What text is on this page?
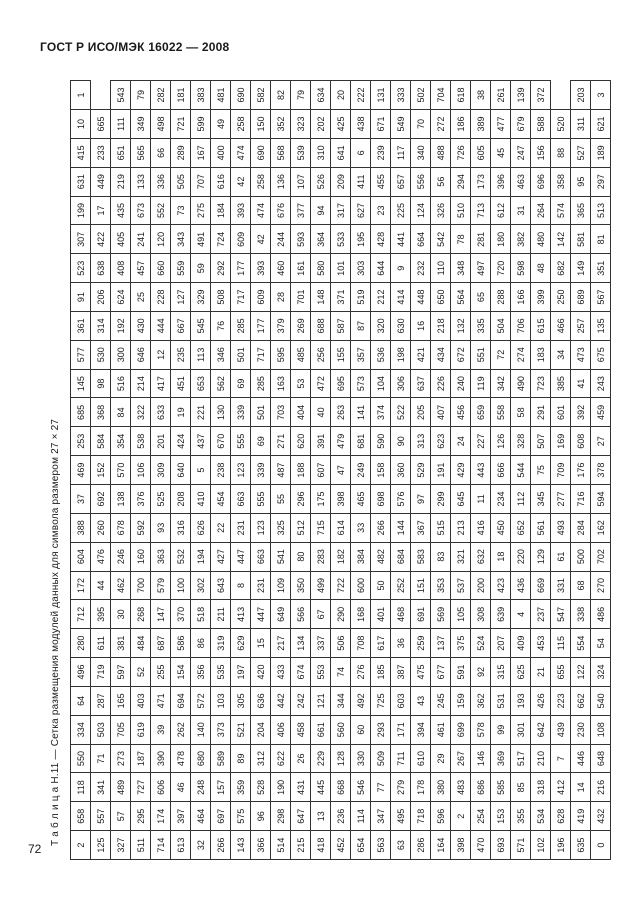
ГОСТ Р ИСО/МЭК 16022 — 2008
Т а б л и ц а Н.11 — Сетка размещения модулей данных для символа размером 27 × 27 2	658	118	550	334	64	496	280	712	172	604	388	37	469	253	685	145	577	361	91	523	307	199	631	415	10	1
125	557	341	71	503	287	719	611	395	44	476	260	692	152	584	368	98	530	314	206	638	422	17	449	233	665	
327	57	489	273	705	165	597	381	30	462	246	678	138	570	354	84	516	300	192	624	408	405	435	219	651	111	543
511	295	727	187	619	403	52	484	268	700	160	592	376	106	538	322	214	646	430	25	457	241	673	133	565	349	79
714	174	606	390	39	471	255	687	147	579	363	93	525	309	201	633	417	12	444	228	660	120	552	336	66	498	282
613	397	46	478	262	694	154	586	370	100	532	316	208	640	424	19	451	235	667	127	559	343	73	505	289	721	181
32	464	248	680	140	572	356	86	518	302	194	626	410	5	437	221	653	113	545	329	59	491	275	707	167	599	383
266	697	157	589	373	103	535	319	211	643	427	22	454	238	670	130	562	346	76	508	292	724	184	616	400	49	481
143	575	359	89	521	305	197	629	413	8	447	231	663	123	555	339	69	501	285	717	177	609	393	42	474	258	690
366	96	528	312	204	636	420	15	447	231	663	123	555	339	69	501	285	717	177	609	393	42	474	258	690	150	582
514	298	190	622	406	442	433	217	649	109	541	325	55	487	271	703	163	595	379	28	460	244	676	136	568	352	82
215	647	431	26	458	242	674	134	566	350	80	512	296	188	620	404	53	485	269	701	161	593	377	107	539	323	79
418	13	445	229	661	121	553	337	67	499	283	715	175	607	391	40	472	256	688	148	580	364	94	526	310	202	634
452	236	668	128	560	344	74	506	290	722	182	614	398	47	479	263	695	155	587	371	101	533	317	209	641	425	20
654	114	546	330	60	492	276	708	168	600	384	33	465	249	681	141	573	357	87	519	303	195	627	411	6	438	222
563	347	77	509	293	725	185	617	401	50	482	266	698	158	590	374	104	536	320	212	644	428	23	455	239	671	131
63	495	279	711	171	603	387	36	468	252	684	144	576	360	90	522	306	198	630	414	9	441	225	657	117	549	333
286	718	178	610	394	43	475	259	691	151	583	367	97	529	313	205	637	421	16	448	232	664	124	556	340	70	502
164	596	380	29	461	245	677	137	569	353	83	515	299	191	623	407	226	434	218	650	110	542	326	56	488	272	704
398	2	483	267	699	159	591	375	105	537	321	213	645	429	24	456	240	672	132	564	348	78	510	294	726	186	618
470	254	686	146	578	362	92	524	308	200	632	416	11	443	227	659	119	551	335	65	497	281	713	173	605	389	38
693	153	585	369	99	531	315	207	639	423	18	450	234	666	126	558	342	72	504	288	720	180	612	396	45	477	261
571	355	85	517	301	193	625	409	4	436	220	652	112	544	328	58	490	274	706	166	598	382	31	463	247	679	139
102	534	318	210	642	426	21	453	237	669	129	561	345	75	507	291	723	183	615	399	48	480	264	696	156	588	372
196	628	412	7	439	223	655	115	547	331	61	493	277	709	169	601	385	34	466	250	682	142	574	358	88	520	
635	419	14	446	230	662	122	554	338	68	500	284	716	176	608	392	41	473	257	689	149	581	365	95	527	311	203
0	432	216	648	108	540	324	54	486	270	702	162	594	378	27	459	243	675	135	567	351	81	513	297	189	621	3
72
